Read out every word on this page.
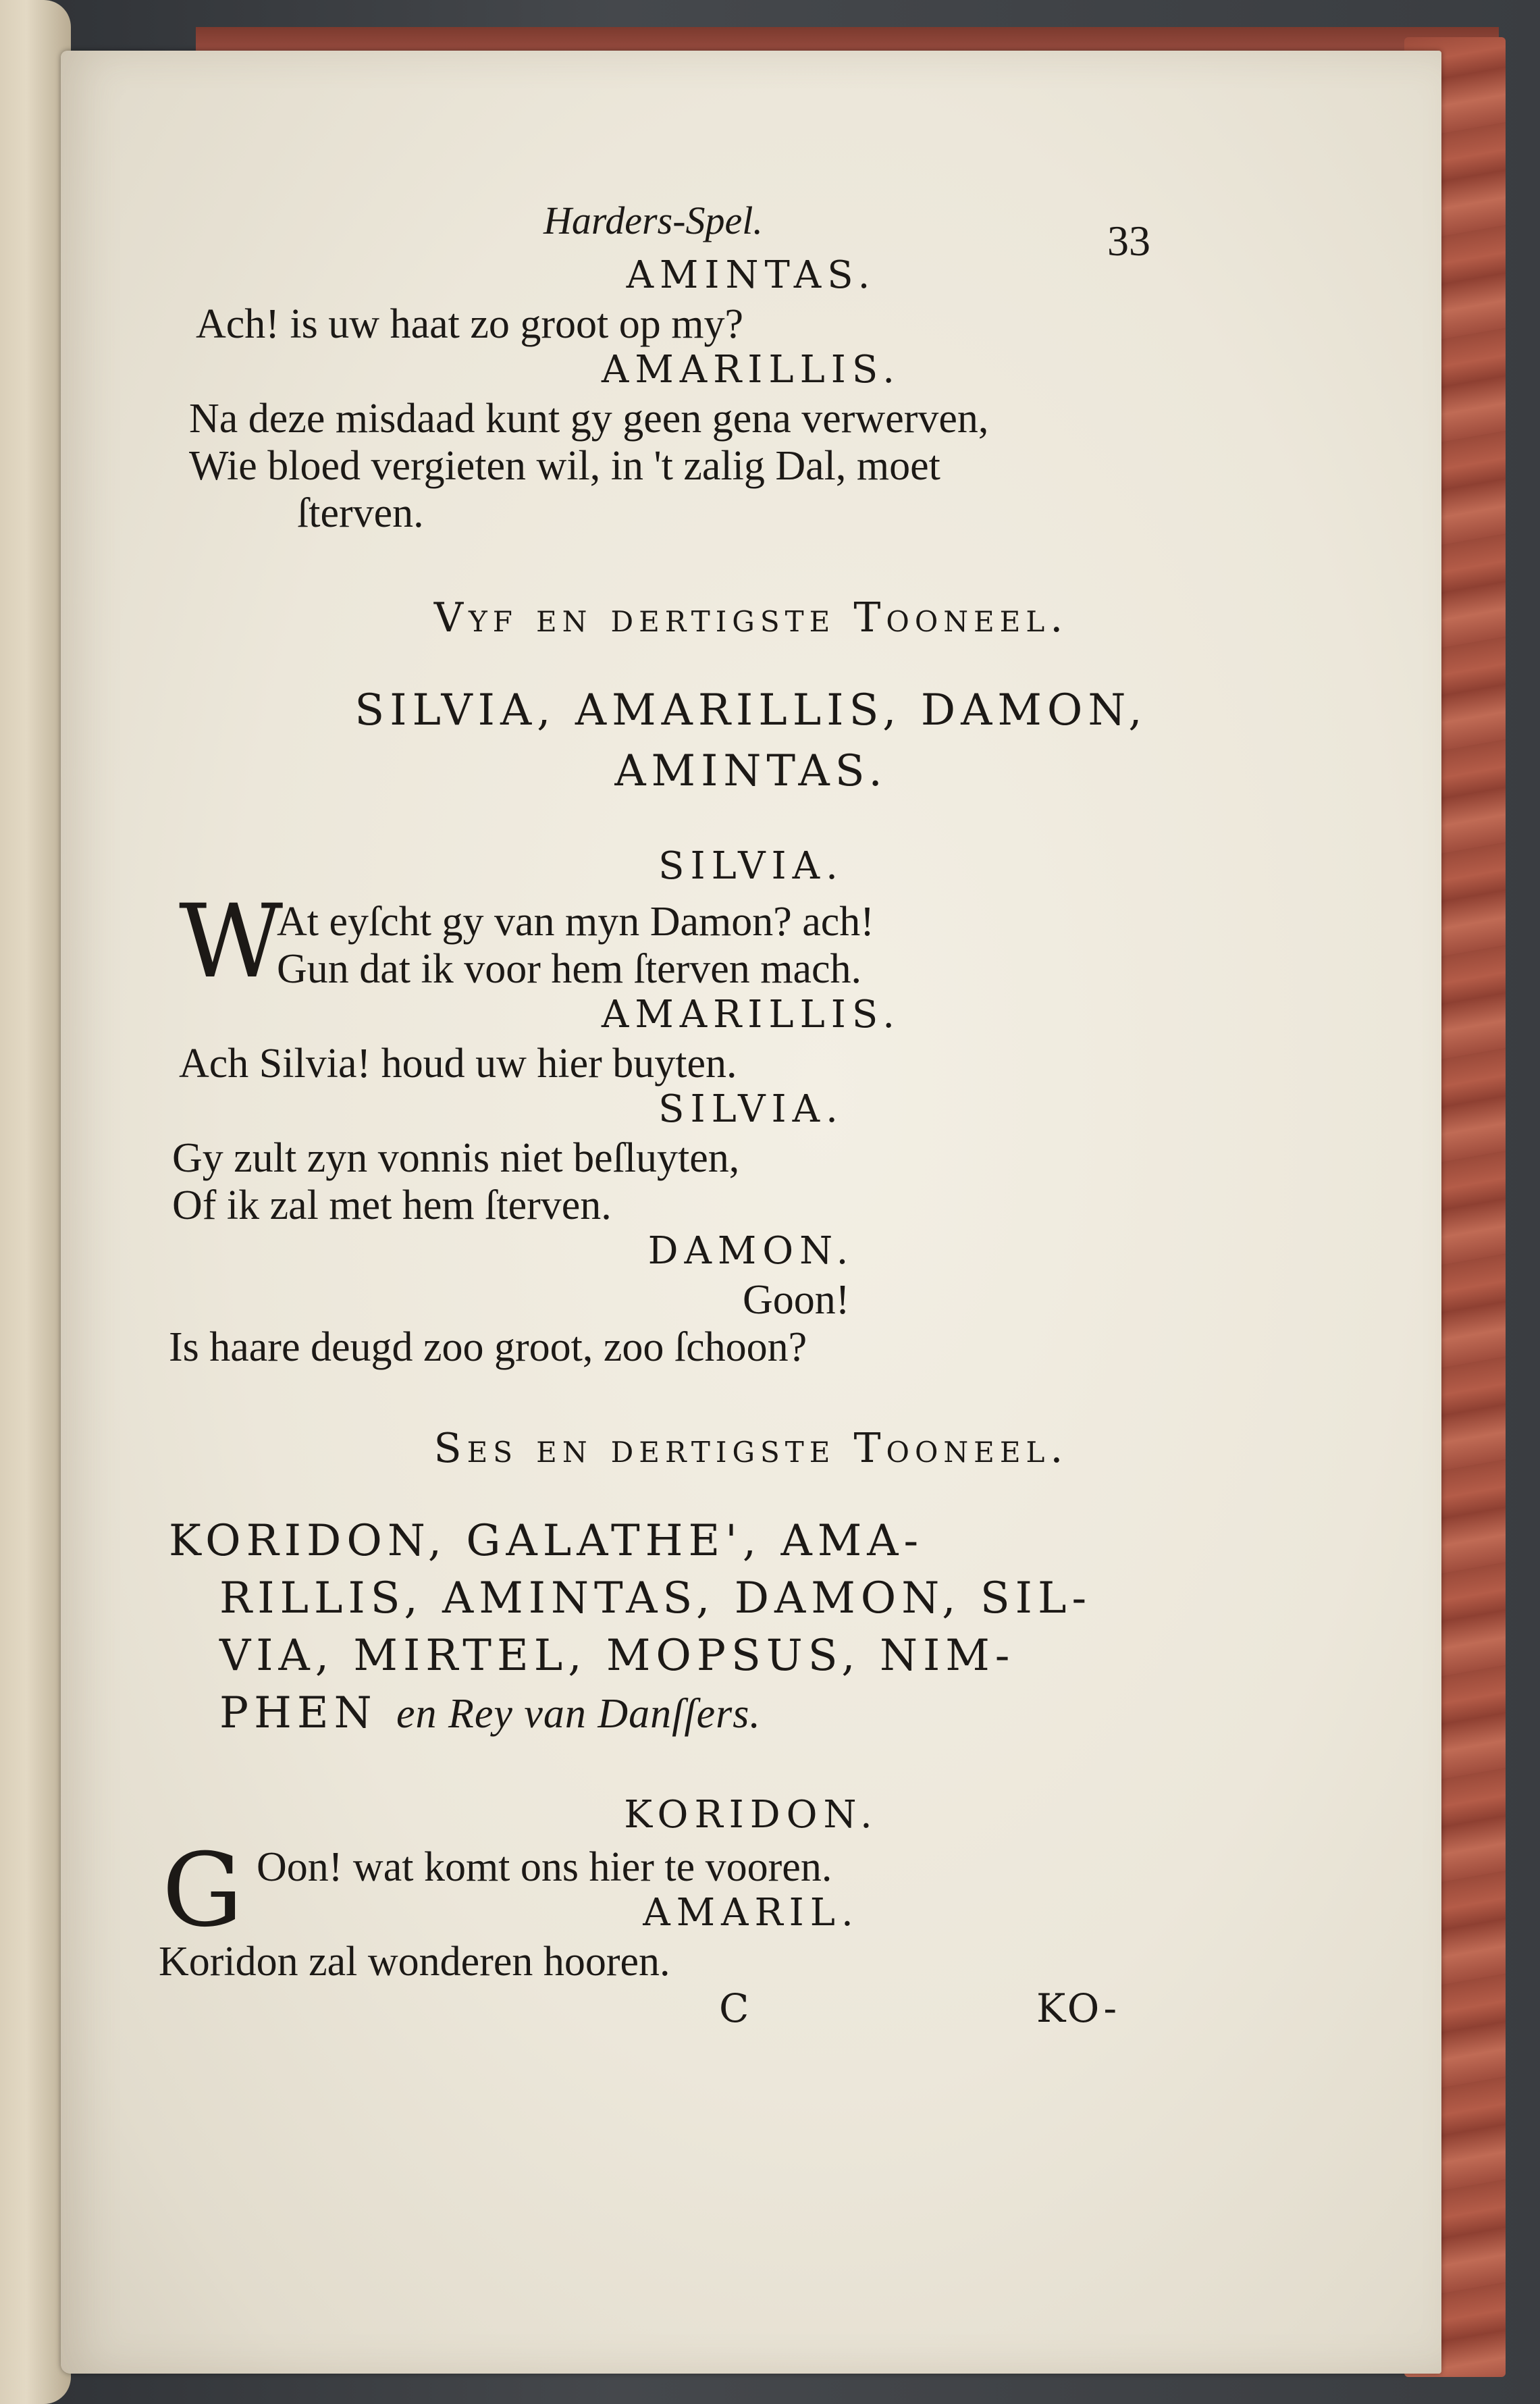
Harders-Spel.	33
AMINTAS.
Ach! is uw haat zo groot op my?
AMARILLIS.
Na deze misdaad kunt gy geen gena verwerven,
Wie bloed vergieten wil, in 't zalig Dal, moet
ſterven.
Vyf en dertigste Tooneel.
SILVIA, AMARILLIS, DAMON,
AMINTAS.
SILVIA.
W
At eyſcht gy van myn Damon? ach!
Gun dat ik voor hem ſterven mach.
AMARILLIS.
Ach Silvia! houd uw hier buyten.
SILVIA.
Gy zult zyn vonnis niet beſluyten,
Of ik zal met hem ſterven.
DAMON.
Goon!
Is haare deugd zoo groot, zoo ſchoon?
Ses en dertigste Tooneel.
KORIDON, GALATHE', AMA-
RILLIS, AMINTAS, DAMON, SIL-
VIA, MIRTEL, MOPSUS, NIM-
PHEN en Rey van Danſſers.
KORIDON.
G Oon! wat komt ons hier te vooren.
AMARIL.
Koridon zal wonderen hooren.
C	KO-
